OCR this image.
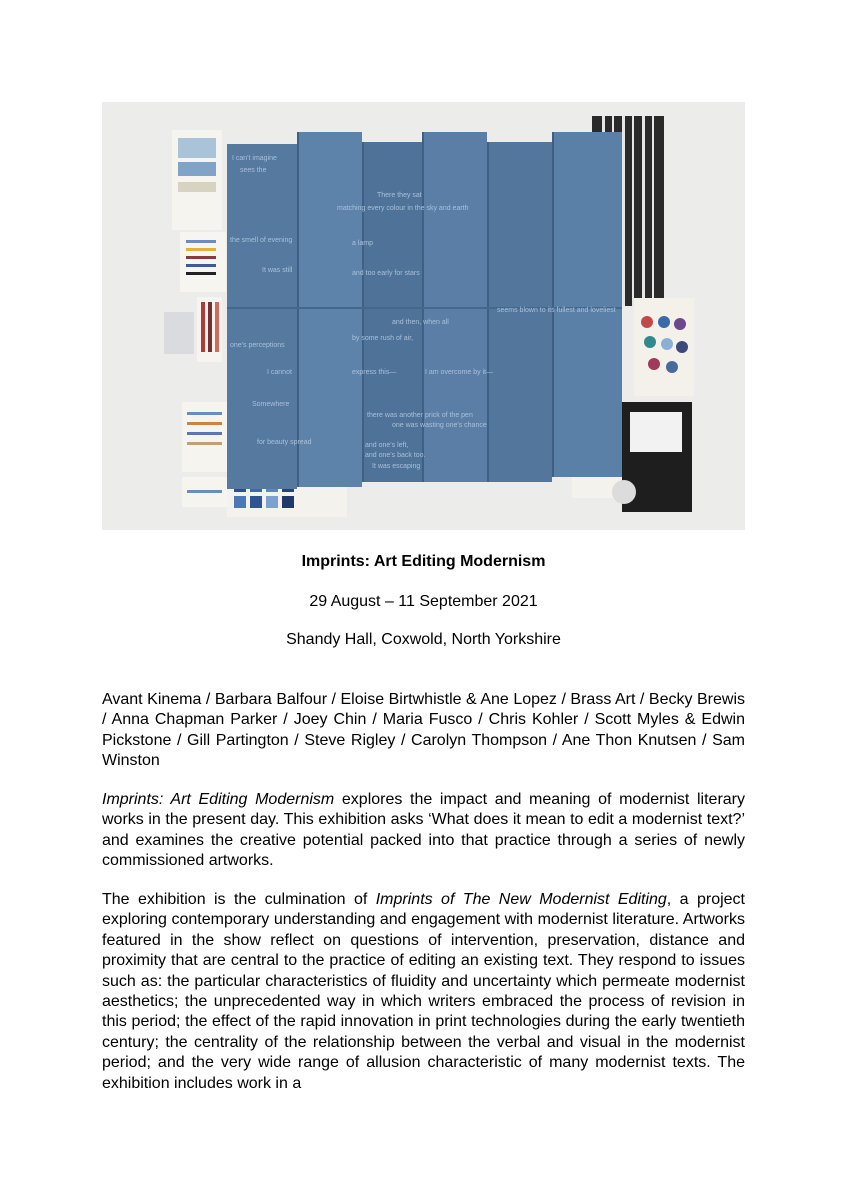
I can't imagine
sees the
There they sat
matching every colour in the sky and earth
the smell of evening	a lamp
It was still	and too early for stars
and then, when all
by some rush of air,
seems blown to its fullest and loveliest
one's perceptions
I cannot	express this—	I am overcome by it—
Somewhere
there was another prick of the pen
one was wasting one's chance
for beauty spread	and one's left,
and one's back too.
It was escaping
Imprints: Art Editing Modernism
29 August – 11 September 2021
Shandy Hall, Coxwold, North Yorkshire

Avant Kinema / Barbara Balfour / Eloise Birtwhistle & Ane Lopez / Brass Art / Becky Brewis / Anna Chapman Parker / Joey Chin / Maria Fusco / Chris Kohler / Scott Myles & Edwin Pickstone / Gill Partington / Steve Rigley / Carolyn Thompson / Ane Thon Knutsen / Sam Winston

Imprints: Art Editing Modernism explores the impact and meaning of modernist literary works in the present day. This exhibition asks ‘What does it mean to edit a modernist text?’ and examines the creative potential packed into that practice through a series of newly commissioned artworks.

The exhibition is the culmination of Imprints of The New Modernist Editing, a project exploring contemporary understanding and engagement with modernist literature. Artworks featured in the show reflect on questions of intervention, preservation, distance and proximity that are central to the practice of editing an existing text. They respond to issues such as: the particular characteristics of fluidity and uncertainty which permeate modernist aesthetics; the unprecedented way in which writers embraced the process of revision in this period; the effect of the rapid innovation in print technologies during the early twentieth century; the centrality of the relationship between the verbal and visual in the modernist period; and the very wide range of allusion characteristic of many modernist texts. The exhibition includes work in a
